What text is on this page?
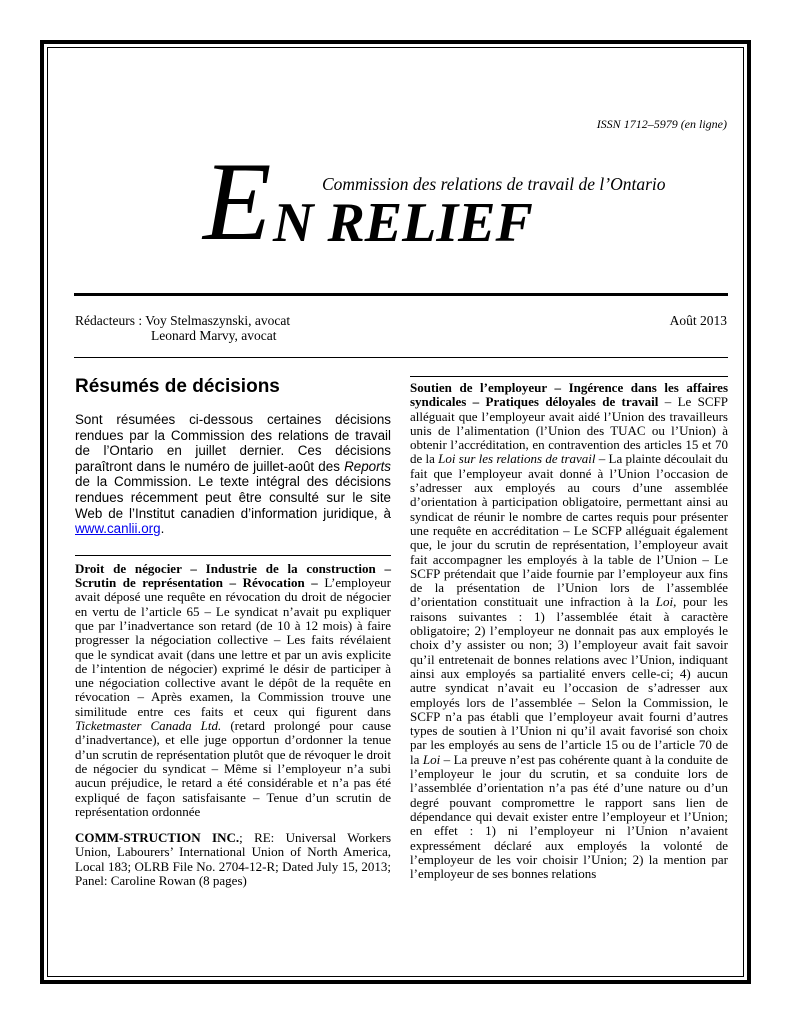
ISSN 1712–5979 (en ligne)
E	Commission des relations de travail de l’Ontario
N RELIEF
Rédacteurs : Voy Stelmaszynski, avocat
Leonard Marvy, avocat
Août 2013
Résumés de décisions

Sont résumées ci-dessous certaines décisions rendues par la Commission des relations de travail de l’Ontario en juillet dernier. Ces décisions paraîtront dans le numéro de juillet-août des Reports de la Commission. Le texte intégral des décisions rendues récemment peut être consulté sur le site Web de l’Institut canadien d’information juridique, à www.canlii.org.

Droit de négocier – Industrie de la construction – Scrutin de représentation – Révocation – L’employeur avait déposé une requête en révocation du droit de négocier en vertu de l’article 65 – Le syndicat n’avait pu expliquer que par l’inadvertance son retard (de 10 à 12 mois) à faire progresser la négociation collective – Les faits révélaient que le syndicat avait (dans une lettre et par un avis explicite de l’intention de négocier) exprimé le désir de participer à une négociation collective avant le dépôt de la requête en révocation – Après examen, la Commission trouve une similitude entre ces faits et ceux qui figurent dans Ticketmaster Canada Ltd. (retard prolongé pour cause d’inadvertance), et elle juge opportun d’ordonner la tenue d’un scrutin de représentation plutôt que de révoquer le droit de négocier du syndicat – Même si l’employeur n’a subi aucun préjudice, le retard a été considérable et n’a pas été expliqué de façon satisfaisante – Tenue d’un scrutin de représentation ordonnée

COMM-STRUCTION INC.; RE: Universal Workers Union, Labourers’ International Union of North America, Local 183; OLRB File No. 2704-12-R; Dated July 15, 2013; Panel: Caroline Rowan (8 pages)

Soutien de l’employeur – Ingérence dans les affaires syndicales – Pratiques déloyales de travail – Le SCFP alléguait que l’employeur avait aidé l’Union des travailleurs unis de l’alimentation (l’Union des TUAC ou l’Union) à obtenir l’accréditation, en contravention des articles 15 et 70 de la Loi sur les relations de travail – La plainte découlait du fait que l’employeur avait donné à l’Union l’occasion de s’adresser aux employés au cours d’une assemblée d’orientation à participation obligatoire, permettant ainsi au syndicat de réunir le nombre de cartes requis pour présenter une requête en accréditation – Le SCFP alléguait également que, le jour du scrutin de représentation, l’employeur avait fait accompagner les employés à la table de l’Union – Le SCFP prétendait que l’aide fournie par l’employeur aux fins de la présentation de l’Union lors de l’assemblée d’orientation constituait une infraction à la Loi, pour les raisons suivantes : 1) l’assemblée était à caractère obligatoire; 2) l’employeur ne donnait pas aux employés le choix d’y assister ou non; 3) l’employeur avait fait savoir qu’il entretenait de bonnes relations avec l’Union, indiquant ainsi aux employés sa partialité envers celle-ci; 4) aucun autre syndicat n’avait eu l’occasion de s’adresser aux employés lors de l’assemblée – Selon la Commission, le SCFP n’a pas établi que l’employeur avait fourni d’autres types de soutien à l’Union ni qu’il avait favorisé son choix par les employés au sens de l’article 15 ou de l’article 70 de la Loi – La preuve n’est pas cohérente quant à la conduite de l’employeur le jour du scrutin, et sa conduite lors de l’assemblée d’orientation n’a pas été d’une nature ou d’un degré pouvant compromettre le rapport sans lien de dépendance qui devait exister entre l’employeur et l’Union; en effet : 1) ni l’employeur ni l’Union n’avaient expressément déclaré aux employés la volonté de l’employeur de les voir choisir l’Union; 2) la mention par l’employeur de ses bonnes relations
